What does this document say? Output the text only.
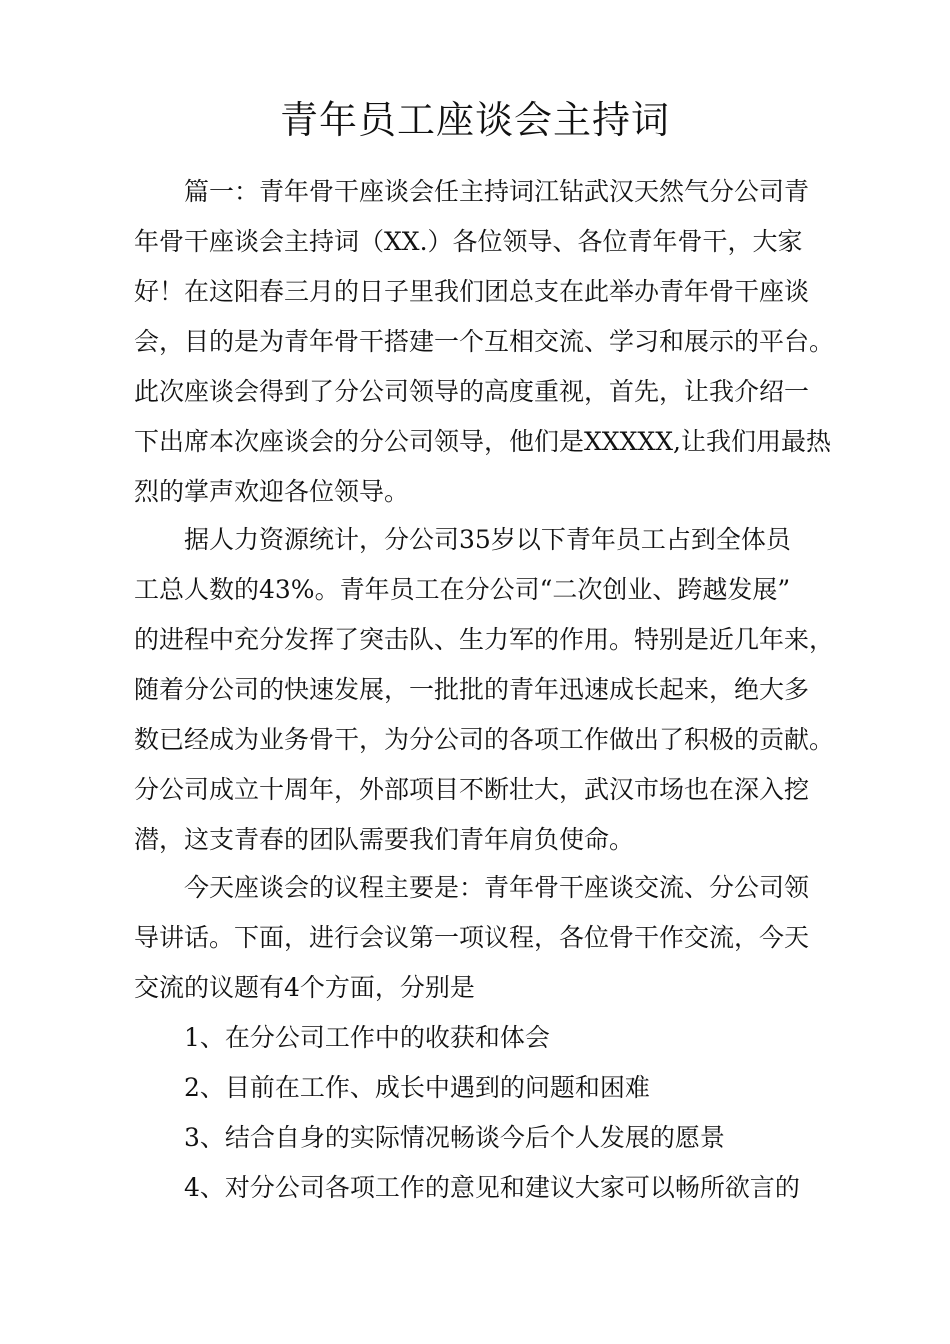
青年员工座谈会主持词

　　篇一：青年骨干座谈会任主持词江钻武汉天然气分公司青

年骨干座谈会主持词（XX.）各位领导、各位青年骨干，大家

好！在这阳春三月的日子里我们团总支在此举办青年骨干座谈

会，目的是为青年骨干搭建一个互相交流、学习和展示的平台。

此次座谈会得到了分公司领导的高度重视，首先，让我介绍一

下出席本次座谈会的分公司领导，他们是XXXXX,让我们用最热

烈的掌声欢迎各位领导。

　　据人力资源统计，分公司35岁以下青年员工占到全体员

工总人数的43%。青年员工在分公司“二次创业、跨越发展”

的进程中充分发挥了突击队、生力军的作用。特别是近几年来，

随着分公司的快速发展，一批批的青年迅速成长起来，绝大多

数已经成为业务骨干，为分公司的各项工作做出了积极的贡献。

分公司成立十周年，外部项目不断壮大，武汉市场也在深入挖

潜，这支青春的团队需要我们青年肩负使命。

　　今天座谈会的议程主要是：青年骨干座谈交流、分公司领

导讲话。下面，进行会议第一项议程，各位骨干作交流，今天

交流的议题有4个方面，分别是

　　1、在分公司工作中的收获和体会

　　2、目前在工作、成长中遇到的问题和困难

　　3、结合自身的实际情况畅谈今后个人发展的愿景

　　4、对分公司各项工作的意见和建议大家可以畅所欲言的
